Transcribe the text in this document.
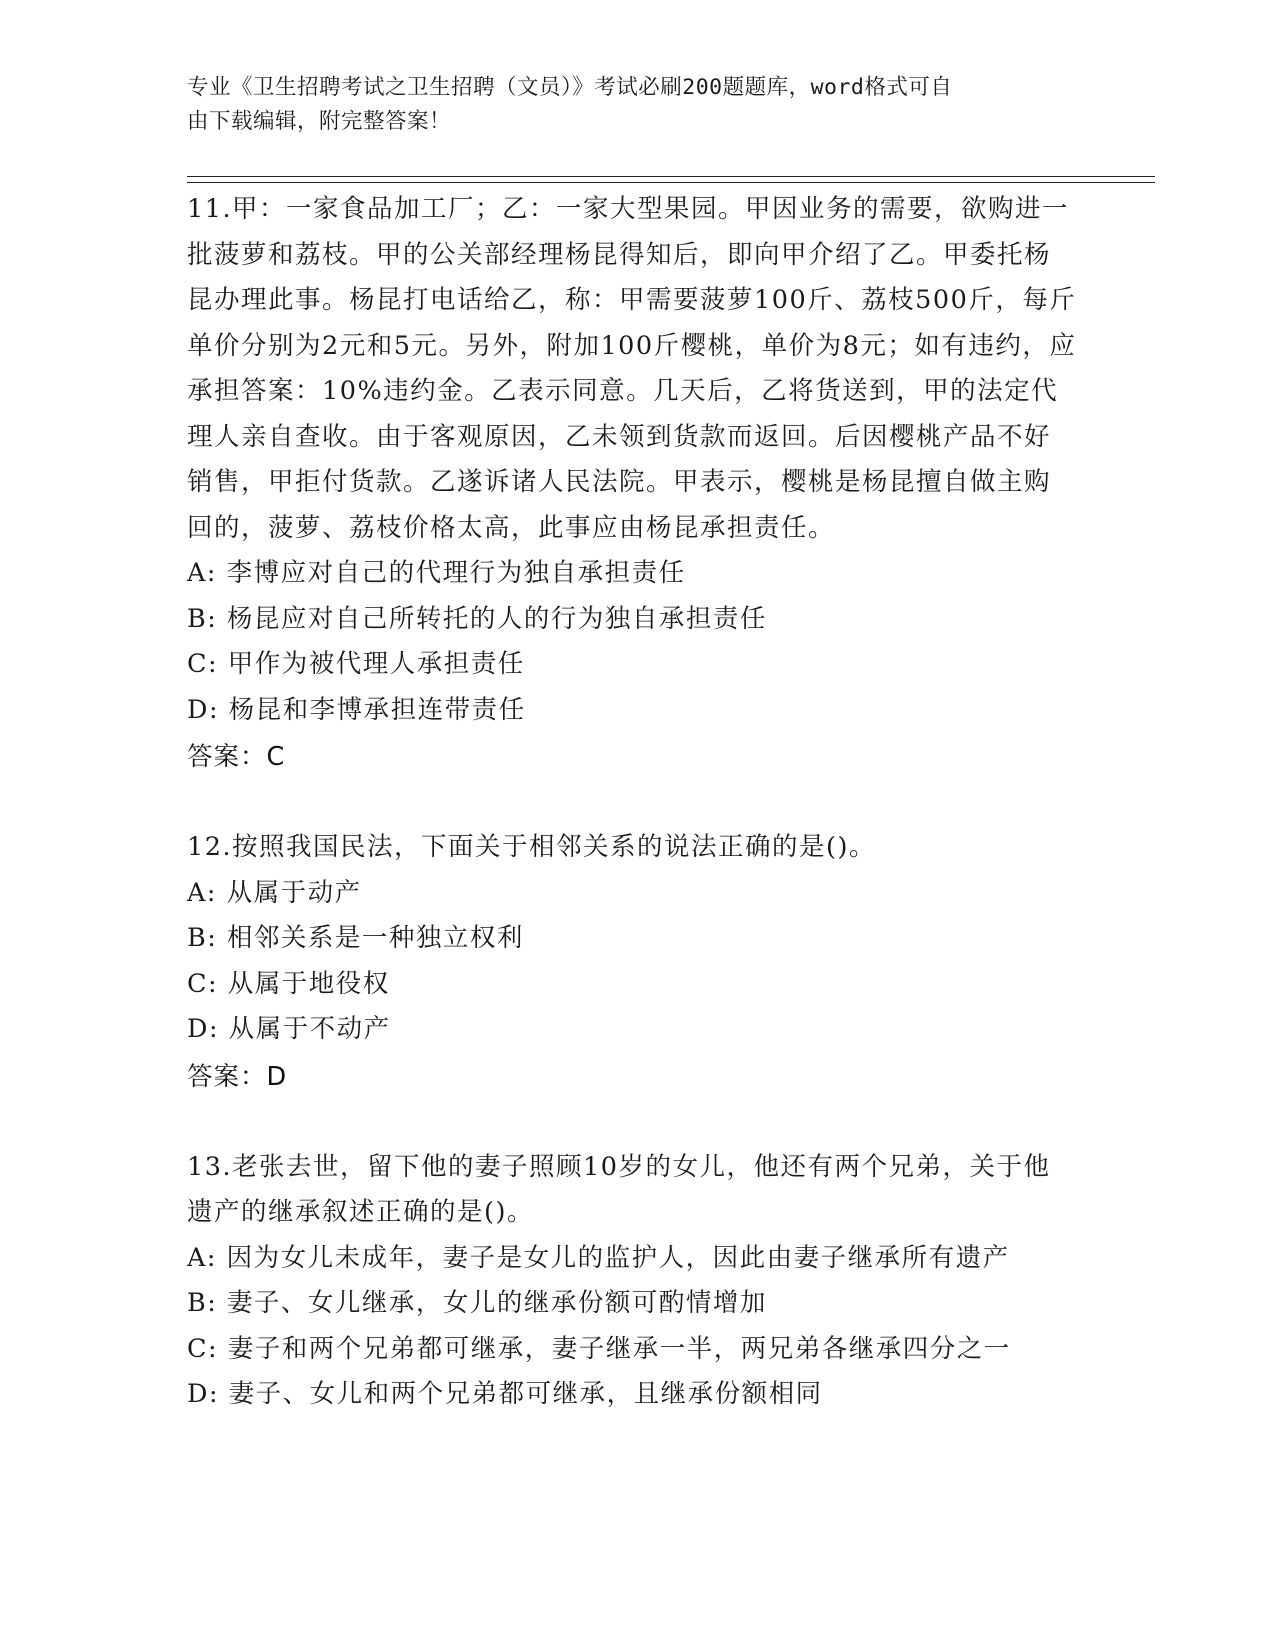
专业《卫生招聘考试之卫生招聘（文员）》考试必刷200题题库，word格式可自
由下载编辑，附完整答案！
11.甲：一家食品加工厂；乙：一家大型果园。甲因业务的需要，欲购进一批菠萝和荔枝。甲的公关部经理杨昆得知后，即向甲介绍了乙。甲委托杨昆办理此事。杨昆打电话给乙，称：甲需要菠萝100斤、荔枝500斤，每斤单价分别为2元和5元。另外，附加100斤樱桃，单价为8元；如有违约，应承担答案：10%违约金。乙表示同意。几天后，乙将货送到，甲的法定代理人亲自查收。由于客观原因，乙未领到货款而返回。后因樱桃产品不好销售，甲拒付货款。乙遂诉诸人民法院。甲表示，樱桃是杨昆擅自做主购回的，菠萝、荔枝价格太高，此事应由杨昆承担责任。
A: 李博应对自己的代理行为独自承担责任
B: 杨昆应对自己所转托的人的行为独自承担责任
C: 甲作为被代理人承担责任
D: 杨昆和李博承担连带责任
答案：C
12.按照我国民法，下面关于相邻关系的说法正确的是()。
A: 从属于动产
B: 相邻关系是一种独立权利
C: 从属于地役权
D: 从属于不动产
答案：D
13.老张去世，留下他的妻子照顾10岁的女儿，他还有两个兄弟，关于他遗产的继承叙述正确的是()。
A: 因为女儿未成年，妻子是女儿的监护人，因此由妻子继承所有遗产
B: 妻子、女儿继承，女儿的继承份额可酌情增加
C: 妻子和两个兄弟都可继承，妻子继承一半，两兄弟各继承四分之一
D: 妻子、女儿和两个兄弟都可继承，且继承份额相同
